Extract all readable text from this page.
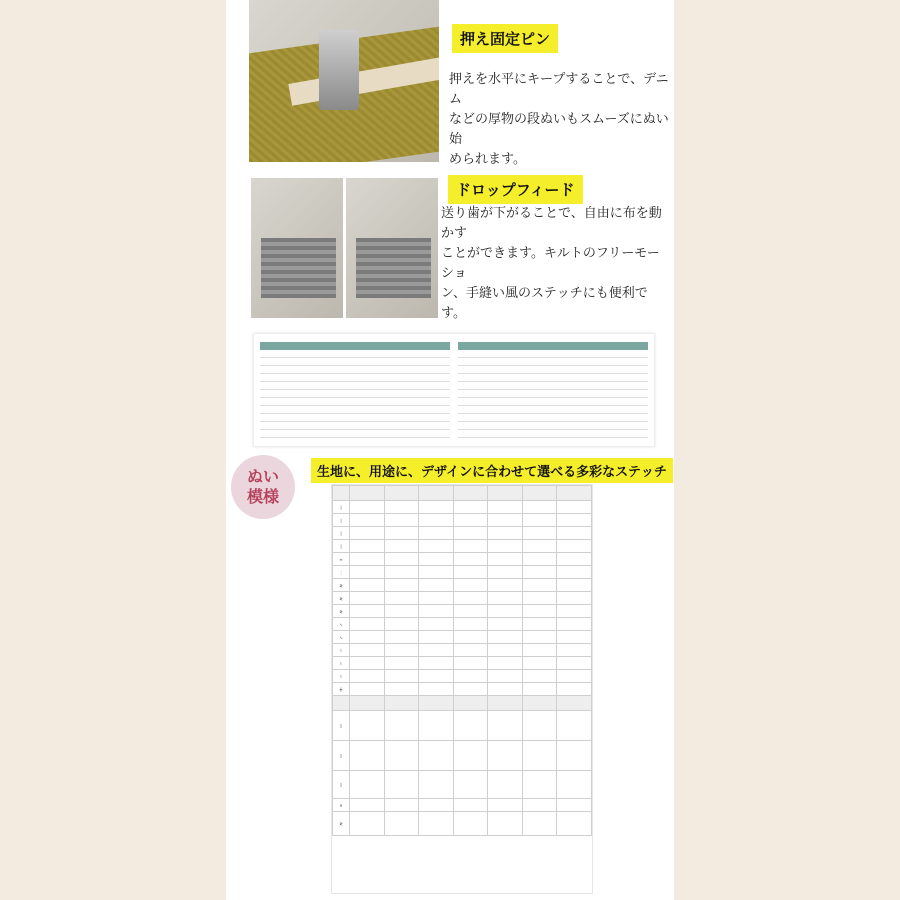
押え固定ピン
押えを水平にキープすることで、デニム
などの厚物の段ぬいもスムーズにぬい始
められます。
ドロップフィード
送り歯が下がることで、自由に布を動かす
ことができます。キルトのフリーモーショ
ン、手縫い風のステッチにも便利です。
ぬい
模様
生地に、用途に、デザインに合わせて選べる多彩なステッチ

|							
|							
|							
|							
≡							
⋮							
≷							
≷							
≷							
∿							
∿							
⌇							
⌇							
⌇							
╪							

▯							
▯							
▯							
✕							
≷							
